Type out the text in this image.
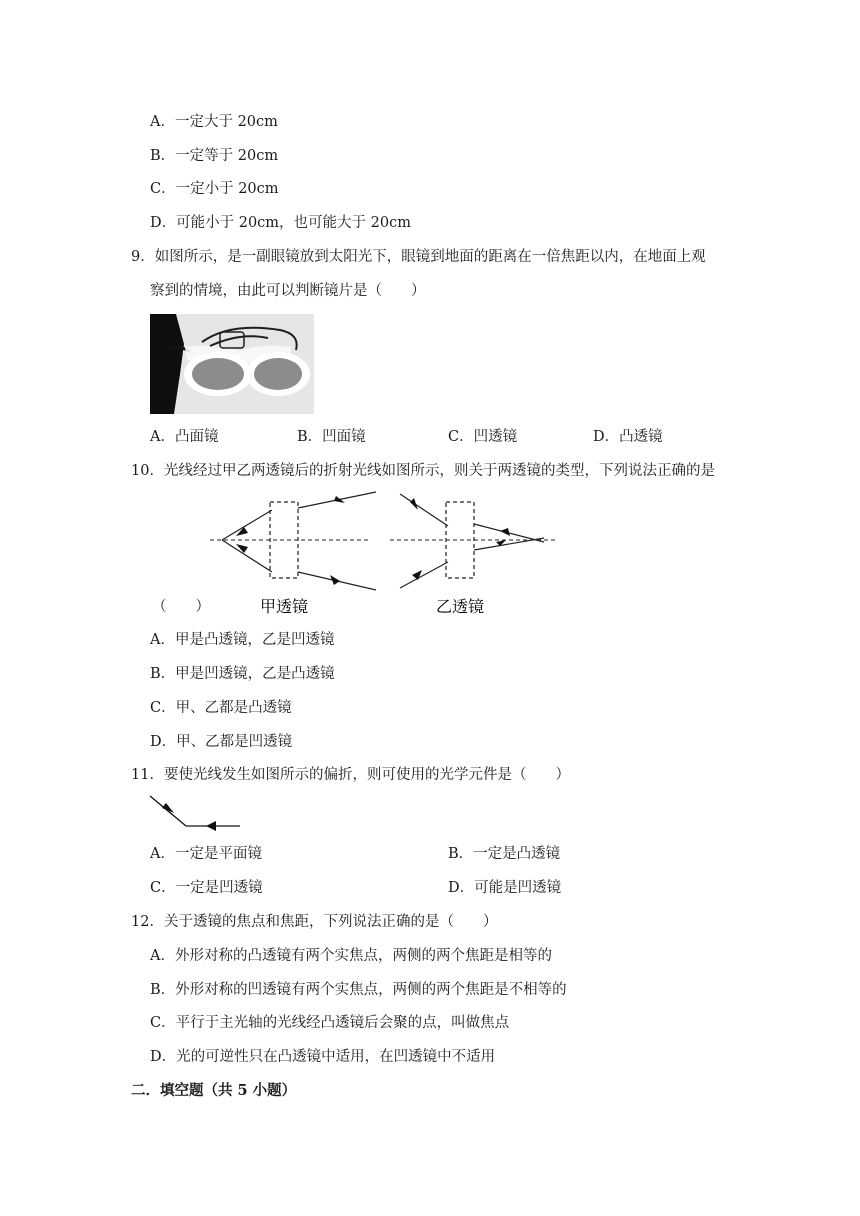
A．一定大于 20cm
B．一定等于 20cm
C．一定小于 20cm
D．可能小于 20cm，也可能大于 20cm
9．如图所示，是一副眼镜放到太阳光下，眼镜到地面的距离在一倍焦距以内，在地面上观
察到的情境，由此可以判断镜片是（　　）
A．凸面镜	B．凹面镜	C．凹透镜	D．凸透镜
10．光线经过甲乙两透镜后的折射光线如图所示，则关于两透镜的类型，下列说法正确的是
甲透镜	乙透镜
（　　）
A．甲是凸透镜，乙是凹透镜
B．甲是凹透镜，乙是凸透镜
C．甲、乙都是凸透镜
D．甲、乙都是凹透镜
11．要使光线发生如图所示的偏折，则可使用的光学元件是（　　）
A．一定是平面镜	B．一定是凸透镜
C．一定是凹透镜	D．可能是凹透镜
12．关于透镜的焦点和焦距，下列说法正确的是（　　）
A．外形对称的凸透镜有两个实焦点，两侧的两个焦距是相等的
B．外形对称的凹透镜有两个实焦点，两侧的两个焦距是不相等的
C．平行于主光轴的光线经凸透镜后会聚的点，叫做焦点
D．光的可逆性只在凸透镜中适用，在凹透镜中不适用
二．填空题（共 5 小题）
